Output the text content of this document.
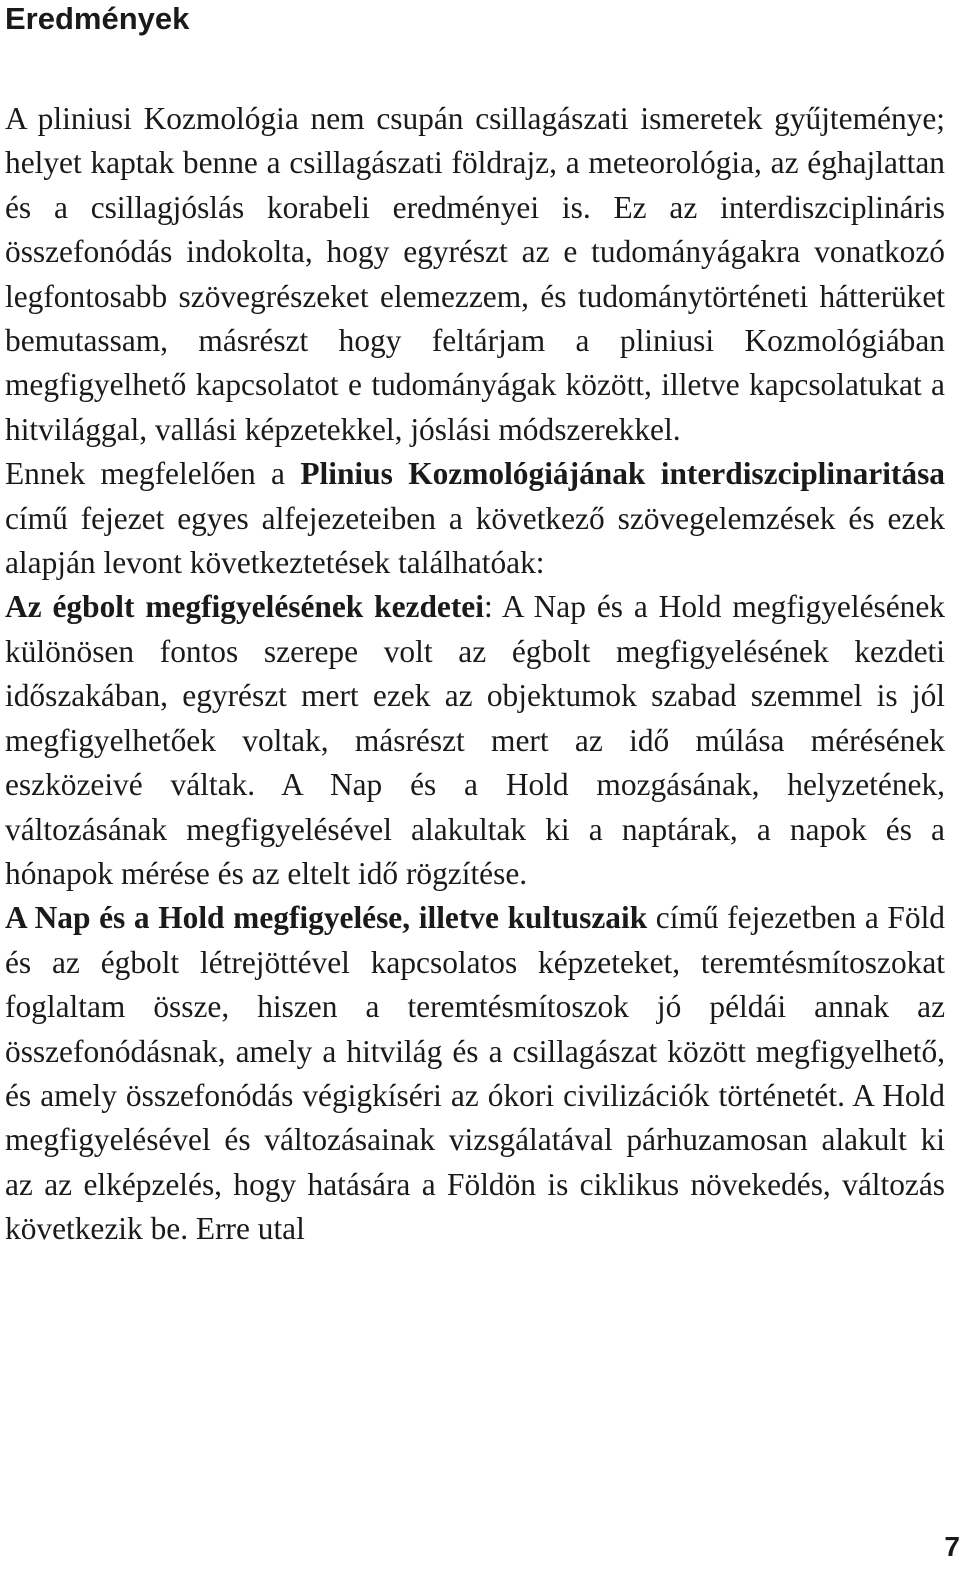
Eredmények

A pliniusi Kozmológia nem csupán csillagászati ismeretek gyűjteménye; helyet kaptak benne a csillagászati földrajz, a meteorológia, az éghajlattan és a csillagjóslás korabeli eredményei is. Ez az interdiszciplináris összefonódás indokolta, hogy egyrészt az e tudományágakra vonatkozó legfontosabb szövegrészeket elemezzem, és tudománytörténeti hátterüket bemutassam, másrészt hogy feltárjam a pliniusi Kozmológiában megfigyelhető kapcsolatot e tudományágak között, illetve kapcsolatukat a hitvilággal, vallási képzetekkel, jóslási módszerekkel.

Ennek megfelelően a Plinius Kozmológiájának interdiszciplinaritása című fejezet egyes alfejezeteiben a következő szövegelemzések és ezek alapján levont következtetések találhatóak:

Az égbolt megfigyelésének kezdetei: A Nap és a Hold megfigyelésének különösen fontos szerepe volt az égbolt megfigyelésének kezdeti időszakában, egyrészt mert ezek az objektumok szabad szemmel is jól megfigyelhetőek voltak, másrészt mert az idő múlása mérésének eszközeivé váltak. A Nap és a Hold mozgásának, helyzetének, változásának megfigyelésével alakultak ki a naptárak, a napok és a hónapok mérése és az eltelt idő rögzítése.

A Nap és a Hold megfigyelése, illetve kultuszaik című fejezetben a Föld és az égbolt létrejöttével kapcsolatos képzeteket, teremtésmítoszokat foglaltam össze, hiszen a teremtésmítoszok jó példái annak az összefonódásnak, amely a hitvilág és a csillagászat között megfigyelhető, és amely összefonódás végigkíséri az ókori civilizációk történetét. A Hold megfigyelésével és változásainak vizsgálatával párhuzamosan alakult ki az az elképzelés, hogy hatására a Földön is ciklikus növekedés, változás következik be. Erre utal

7
